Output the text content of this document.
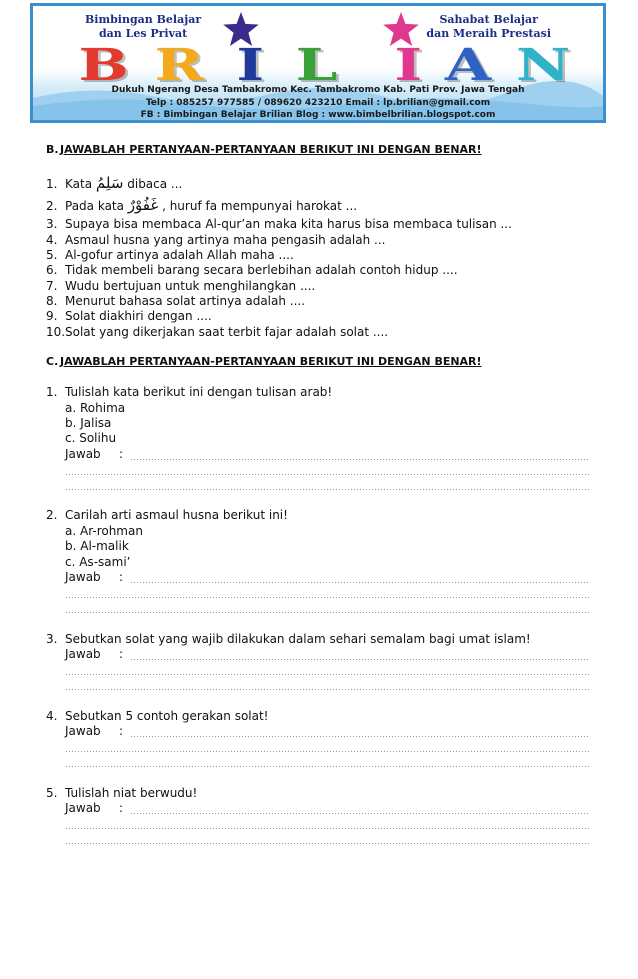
Bimbingan Belajar
dan Les Privat
Sahabat Belajar
dan Meraih Prestasi
B R I L I A N
Dukuh Ngerang Desa Tambakromo Kec. Tambakromo Kab. Pati Prov. Jawa Tengah
Telp : 085257 977585 / 089620 423210 Email : lp.brilian@gmail.com
FB : Bimbingan Belajar Brilian Blog : www.bimbelbrilian.blogspot.com
B.JAWABLAH PERTANYAAN-PERTANYAAN BERIKUT INI DENGAN BENAR!
1. Kata سَلِمُ dibaca ...
2. Pada kata غَفُوْرٌ , huruf fa mempunyai harokat ...
3. Supaya bisa membaca Al-qur’an maka kita harus bisa membaca tulisan ...
4. Asmaul husna yang artinya maha pengasih adalah ...
5. Al-gofur artinya adalah Allah maha ....
6. Tidak membeli barang secara berlebihan adalah contoh hidup ....
7. Wudu bertujuan untuk menghilangkan ....
8. Menurut bahasa solat artinya adalah ....
9. Solat diakhiri dengan ....
10.Solat yang dikerjakan saat terbit fajar adalah solat ....
C. JAWABLAH PERTANYAAN-PERTANYAAN BERIKUT INI DENGAN BENAR!
1. Tulislah kata berikut ini dengan tulisan arab!
a. Rohima
b. Jalisa
c. Solihu
Jawab :
2. Carilah arti asmaul husna berikut ini!
a. Ar-rohman
b. Al-malik
c. As-sami’
Jawab :
3. Sebutkan solat yang wajib dilakukan dalam sehari semalam bagi umat islam!
Jawab :
4. Sebutkan 5 contoh gerakan solat!
Jawab :
5. Tulislah niat berwudu!
Jawab :
